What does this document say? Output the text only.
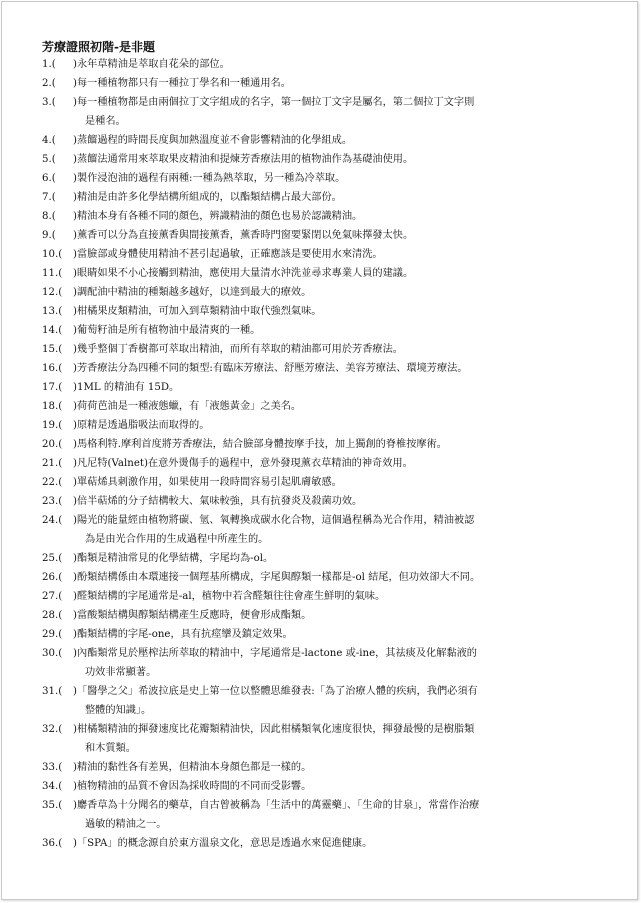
芳療證照初階-是非題
1.( )永年草精油是萃取自花朵的部位。
2.( )每一種植物都只有一種拉丁學名和一種通用名。
3.( )每一種植物都是由兩個拉丁文字組成的名字，第一個拉丁文字是屬名，第二個拉丁文字則
是種名。
4.( )蒸餾過程的時間長度與加熱溫度並不會影響精油的化學組成。
5.( )蒸餾法通常用來萃取果皮精油和提煉芳香療法用的植物油作為基礎油使用。
6.( )製作浸泡油的過程有兩種:一種為熱萃取，另一種為冷萃取。
7.( )精油是由許多化學結構所組成的，以酯類結構占最大部份。
8.( )精油本身有各種不同的顏色，辨識精油的顏色也易於認識精油。
9.( )薰香可以分為直接薰香與間接薰香，薰香時門窗要緊閉以免氣味擇發太快。
10.( )當臉部或身體使用精油不甚引起過敏，正確應該是要使用水來清洗。
11.( )眼睛如果不小心接觸到精油，應使用大量清水沖洗並尋求專業人員的建議。
12.( )調配油中精油的種類越多越好，以達到最大的療效。
13.( )柑橘果皮類精油，可加入到草類精油中取代強烈氣味。
14.( )葡萄籽油是所有植物油中最清爽的一種。
15.( )幾乎整個丁香樹都可萃取出精油，而所有萃取的精油都可用於芳香療法。
16.( )芳香療法分為四種不同的類型:有臨床芳療法、舒壓芳療法、美容芳療法、環境芳療法。
17.( )1ML 的精油有 15D。
18.( )荷荷芭油是一種液態蠟，有「液態黃金」之美名。
19.( )原精是透過脂吸法而取得的。
20.( )馬格利特.摩利首度將芳香療法，結合臉部身體按摩手技，加上獨創的脊椎按摩術。
21.( )凡尼特(Valnet)在意外燙傷手的過程中，意外發現薰衣草精油的神奇效用。
22.( )單萜烯具刺激作用，如果使用一段時間容易引起肌膚敏感。
23.( )倍半萜烯的分子結構較大、氣味較強，具有抗發炎及殺菌功效。
24.( )陽光的能量經由植物將碳、氫、氧轉換成碳水化合物，這個過程稱為光合作用，精油被認
為是由光合作用的生成過程中所產生的。
25.( )酯類是精油常見的化學結構，字尾均為-ol。
26.( )酚類結構係由本環連接一個羥基所構成，字尾與醇類一樣都是-ol 結尾，但功效卻大不同。
27.( )醛類結構的字尾通常是-al，植物中若含醛類往往會產生鮮明的氣味。
28.( )當酸類結構與醇類結構產生反應時，便會形成酯類。
29.( )酯類結構的字尾-one，具有抗痙攣及鎮定效果。
30.( )內酯類常見於壓榨法所萃取的精油中，字尾通常是-lactone 或-ine，其祛痰及化解黏液的
功效非常顯著。
31.( )「醫學之父」希波拉底是史上第一位以整體思維發表:「為了治療人體的疾病，我們必須有
整體的知識」。
32.( )柑橘類精油的揮發速度比花瓣類精油快，因此柑橘類氧化速度很快，揮發最慢的是樹脂類
和木質類。
33.( )精油的黏性各有差異，但精油本身顏色都是一樣的。
34.( )植物精油的品質不會因為採收時間的不同而受影響。
35.( )麝香草為十分聞名的藥草，自古曾被稱為「生活中的萬靈藥」、「生命的甘泉」，常當作治療
過敏的精油之一。
36.( )「SPA」的概念源自於東方溫泉文化，意思是透過水來促進健康。
